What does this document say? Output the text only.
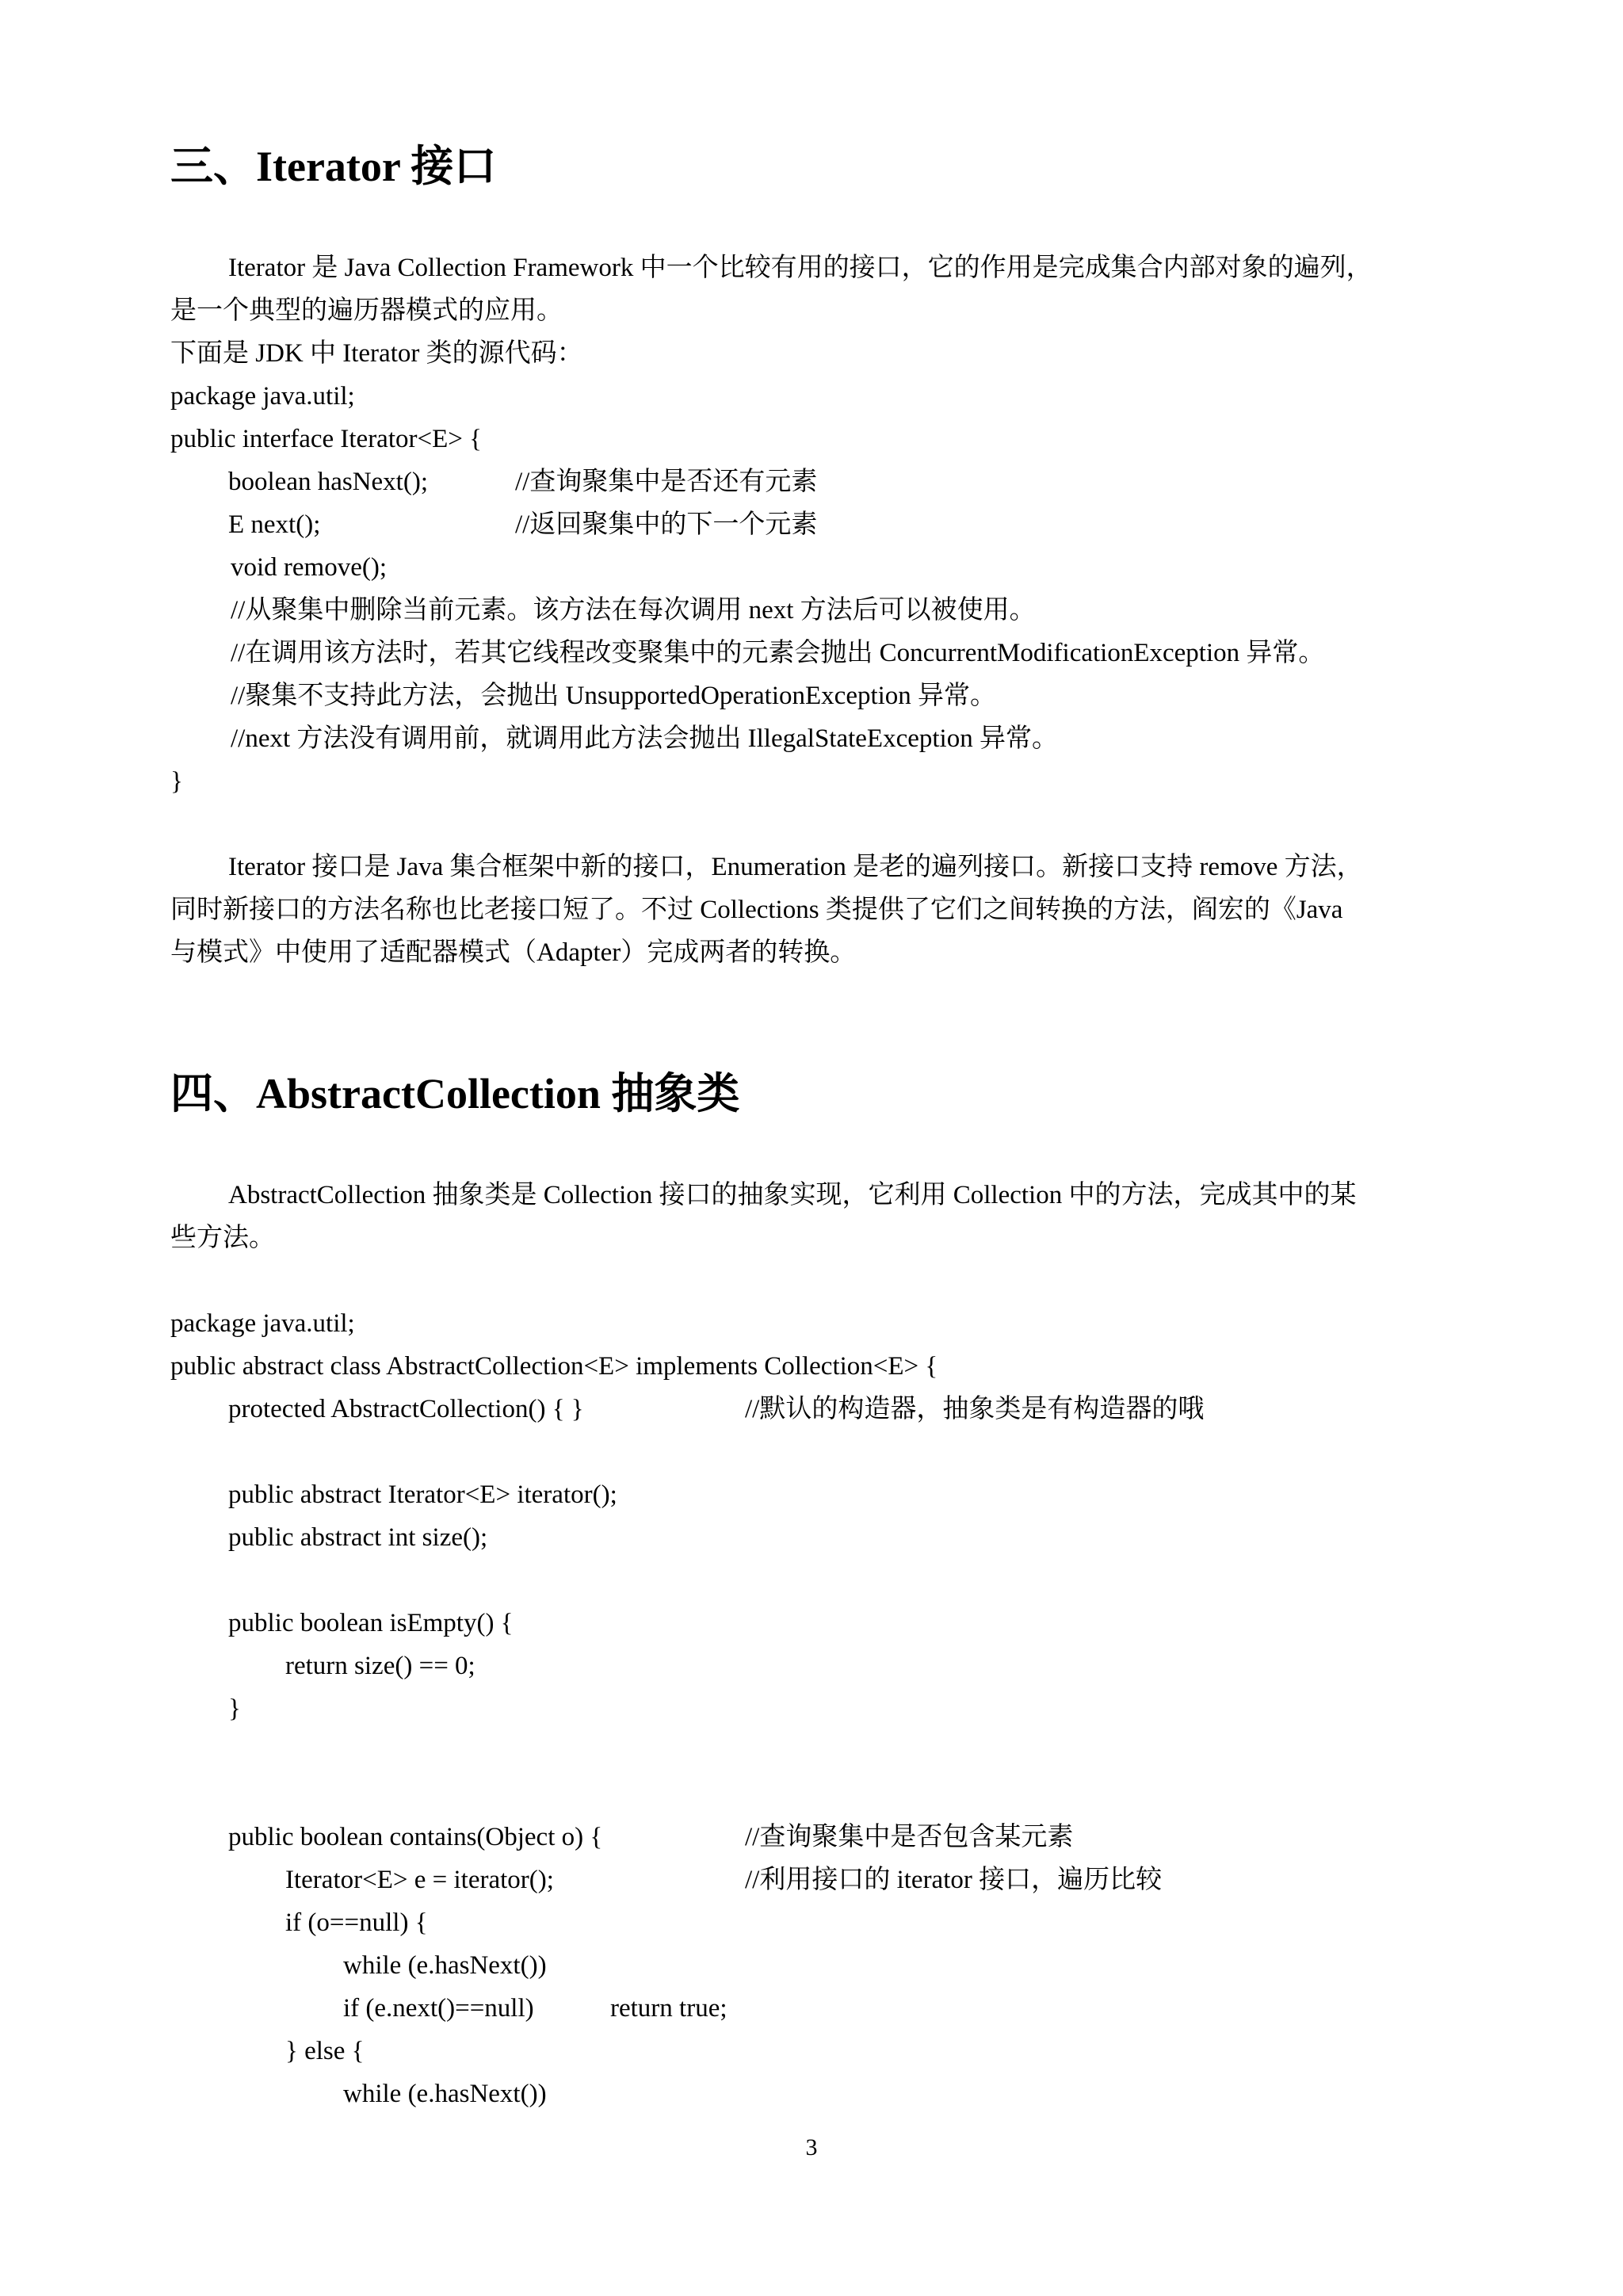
三、Iterator 接口
Iterator 是 Java Collection Framework 中一个比较有用的接口，它的作用是完成集合内部对象的遍列，
是一个典型的遍历器模式的应用。
下面是 JDK 中 Iterator 类的源代码：
package java.util;
public interface Iterator<E> {
boolean hasNext();	//查询聚集中是否还有元素
E next();	//返回聚集中的下一个元素
void remove();
//从聚集中删除当前元素。该方法在每次调用 next 方法后可以被使用。
//在调用该方法时，若其它线程改变聚集中的元素会抛出 ConcurrentModificationException 异常。
//聚集不支持此方法，会抛出 UnsupportedOperationException 异常。
//next 方法没有调用前，就调用此方法会抛出 IllegalStateException 异常。
}
Iterator 接口是 Java 集合框架中新的接口，Enumeration 是老的遍列接口。新接口支持 remove 方法，
同时新接口的方法名称也比老接口短了。不过 Collections 类提供了它们之间转换的方法，阎宏的《Java
与模式》中使用了适配器模式（Adapter）完成两者的转换。
四、AbstractCollection 抽象类
AbstractCollection 抽象类是 Collection 接口的抽象实现，它利用 Collection 中的方法，完成其中的某
些方法。
package java.util;
public abstract class AbstractCollection<E> implements Collection<E> {
protected AbstractCollection() { }	//默认的构造器，抽象类是有构造器的哦
public abstract Iterator<E> iterator();
public abstract int size();
public boolean isEmpty() {
return size() == 0;
}
public boolean contains(Object o) {	//查询聚集中是否包含某元素
Iterator<E> e = iterator();	//利用接口的 iterator 接口，遍历比较
if (o==null) {
while (e.hasNext())
if (e.next()==null)	return true;
} else {
while (e.hasNext())
3
